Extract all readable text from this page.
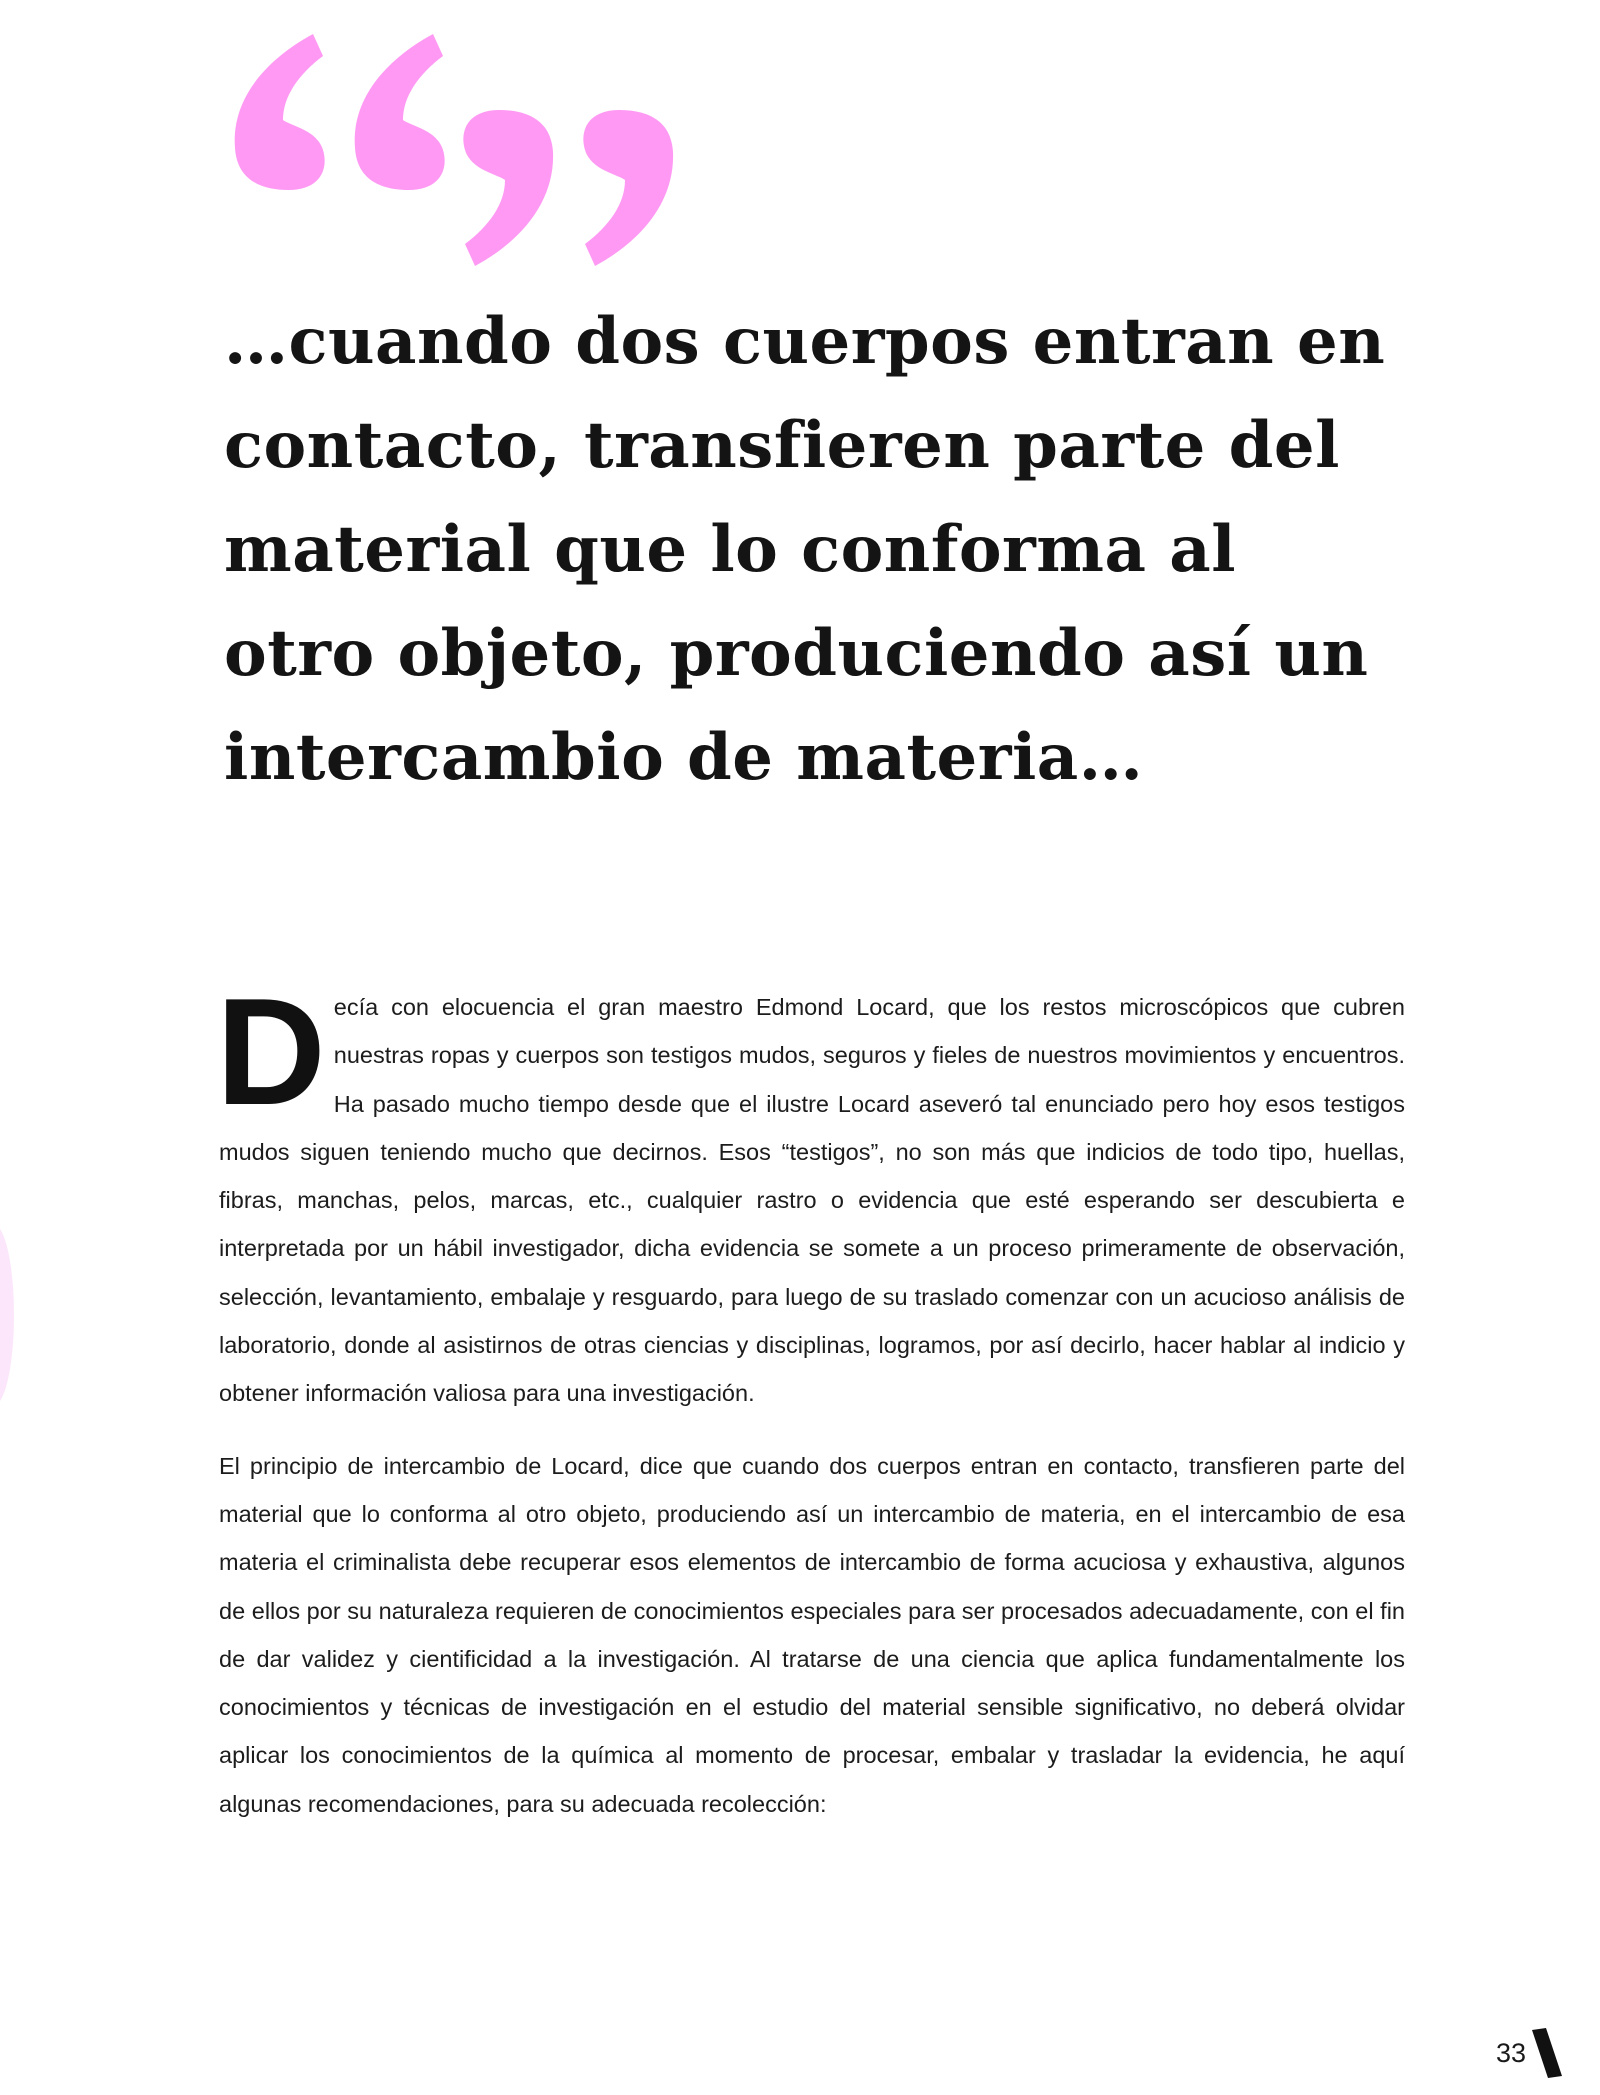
…cuando dos cuerpos entran en contacto, transfieren parte del material que lo conforma al otro objeto, produciendo así un intercambio de materia…

Decía con elocuencia el gran maestro Edmond Locard, que los restos microscópicos que cubren nuestras ropas y cuerpos son testigos mudos, seguros y fieles de nuestros movimientos y encuentros. Ha pasado mucho tiempo desde que el ilustre Locard aseveró tal enunciado pero hoy esos testigos mudos siguen teniendo mucho que decirnos. Esos “testigos”, no son más que indicios de todo tipo, huellas, fibras, manchas, pelos, marcas, etc., cualquier rastro o evidencia que esté esperando ser descubierta e interpretada por un hábil investigador, dicha evidencia se somete a un proceso primeramente de observación, selección, levantamiento, embalaje y resguardo, para luego de su traslado comenzar con un acucioso análisis de laboratorio, donde al asistirnos de otras ciencias y disciplinas, logramos, por así decirlo, hacer hablar al indicio y obtener información valiosa para una investigación.

El principio de intercambio de Locard, dice que cuando dos cuerpos entran en contacto, transfieren parte del material que lo conforma al otro objeto, produciendo así un intercambio de materia, en el intercambio de esa materia el criminalista debe recuperar esos elementos de intercambio de forma acuciosa y exhaustiva, algunos de ellos por su naturaleza requieren de conocimientos especiales para ser procesados adecuadamente, con el fin de dar validez y cientificidad a la investigación. Al tratarse de una ciencia que aplica fundamentalmente los conocimientos y técnicas de investigación en el estudio del material sensible significativo, no deberá olvidar aplicar los conocimientos de la química al momento de procesar, embalar y trasladar la evidencia, he aquí algunas recomendaciones, para su adecuada recolección:

33
